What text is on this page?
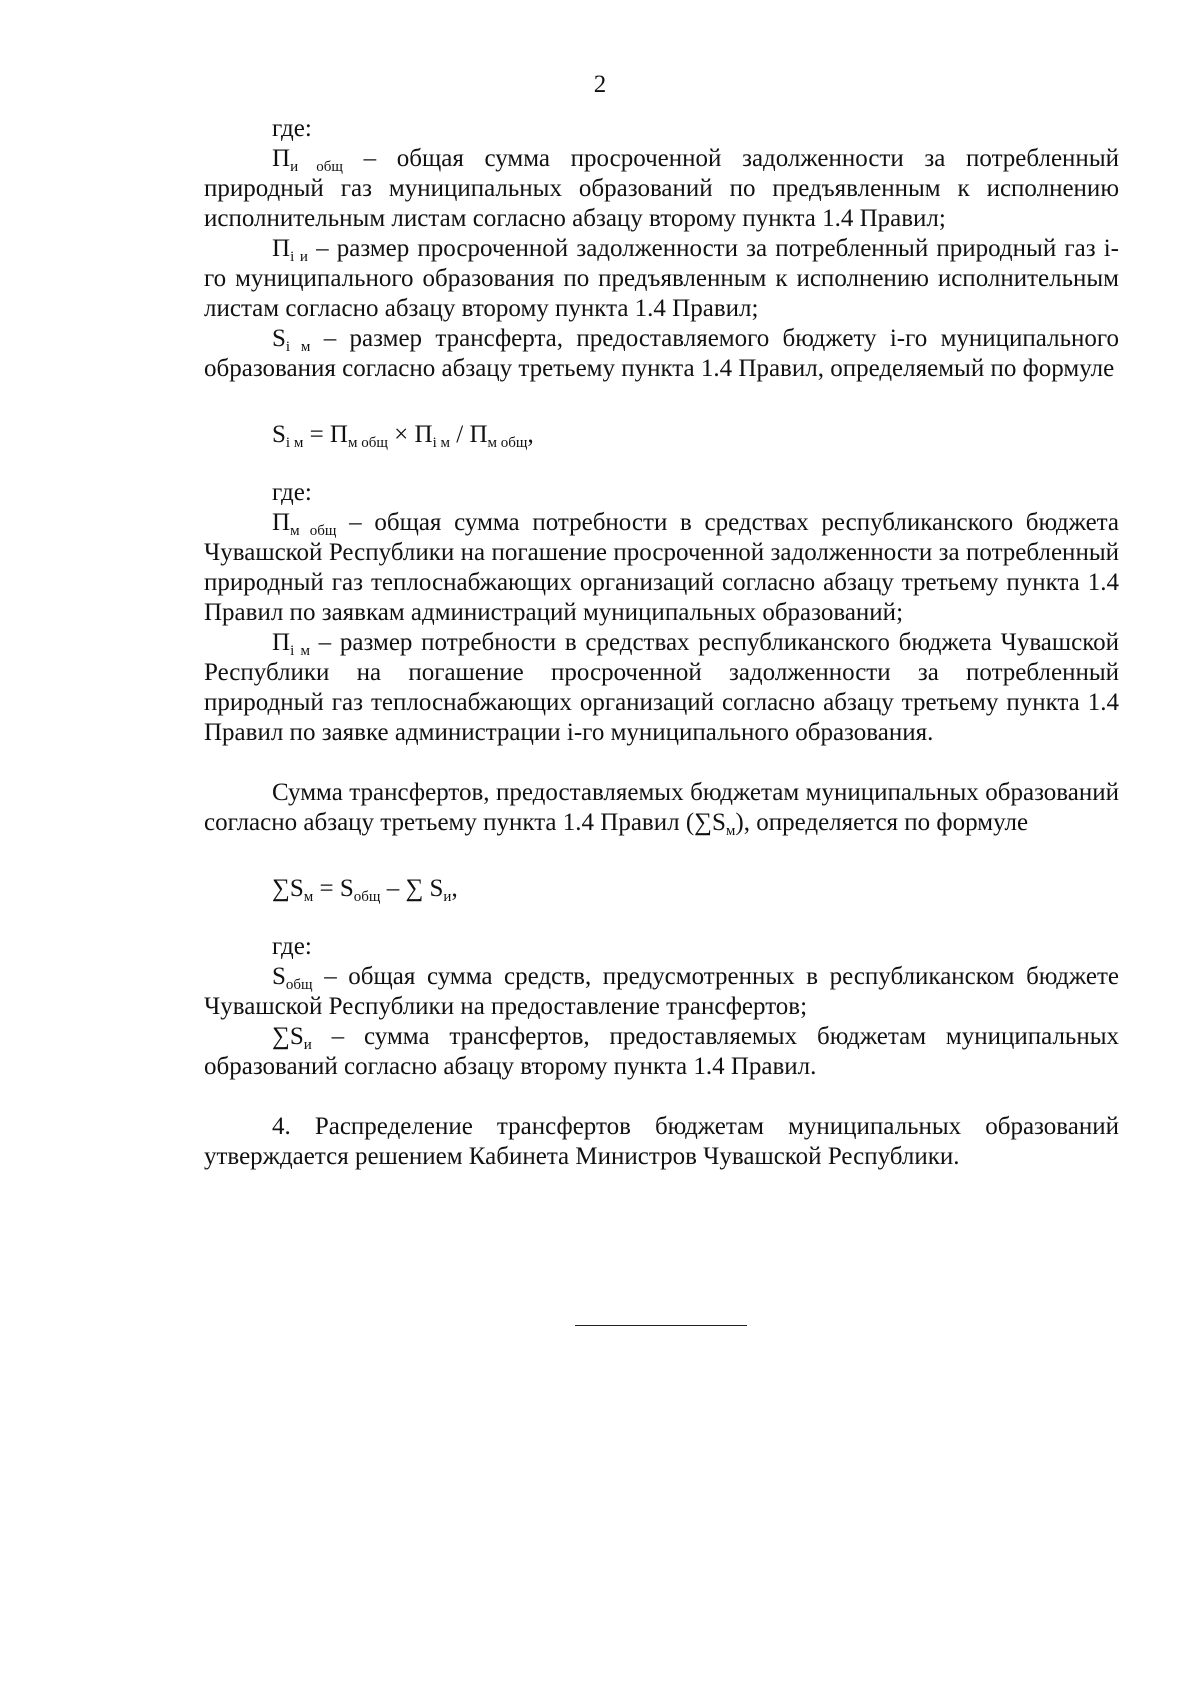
2

где:

$П_{и общ}$ – общая сумма просроченной задолженности за потребленный природный газ муниципальных образований по предъявленным к исполнению исполнительным листам согласно абзацу второму пункта 1.4 Правил;

$П_{i и}$ – размер просроченной задолженности за потребленный природный газ i-го муниципального образования по предъявленным к исполнению исполнительным листам согласно абзацу второму пункта 1.4 Правил;

$S_{i м}$ – размер трансферта, предоставляемого бюджету i-го муниципального образования согласно абзацу третьему пункта 1.4 Правил, определяемый по формуле

$S_{i м} = П_{м общ} \times П_{i м} / П_{м общ}$,

где:

$П_{м общ}$ – общая сумма потребности в средствах республиканского бюджета Чувашской Республики на погашение просроченной задолженности за потребленный природный газ теплоснабжающих организаций согласно абзацу третьему пункта 1.4 Правил по заявкам администраций муниципальных образований;

$П_{i м}$ – размер потребности в средствах республиканского бюджета Чувашской Республики на погашение просроченной задолженности за потребленный природный газ теплоснабжающих организаций согласно абзацу третьему пункта 1.4 Правил по заявке администрации i-го муниципального образования.

Сумма трансфертов, предоставляемых бюджетам муниципальных образований согласно абзацу третьему пункта 1.4 Правил $(\sum S_м)$, определяется по формуле

$\sum S_м = S_{общ}$ – ∑ $S_и$,

где:

$S_{общ}$ – общая сумма средств, предусмотренных в республиканском бюджете Чувашской Республики на предоставление трансфертов;

$\sum S_и$ – сумма трансфертов, предоставляемых бюджетам муниципальных образований согласно абзацу второму пункта 1.4 Правил.

4. Распределение трансфертов бюджетам муниципальных образований утверждается решением Кабинета Министров Чувашской Республики.
